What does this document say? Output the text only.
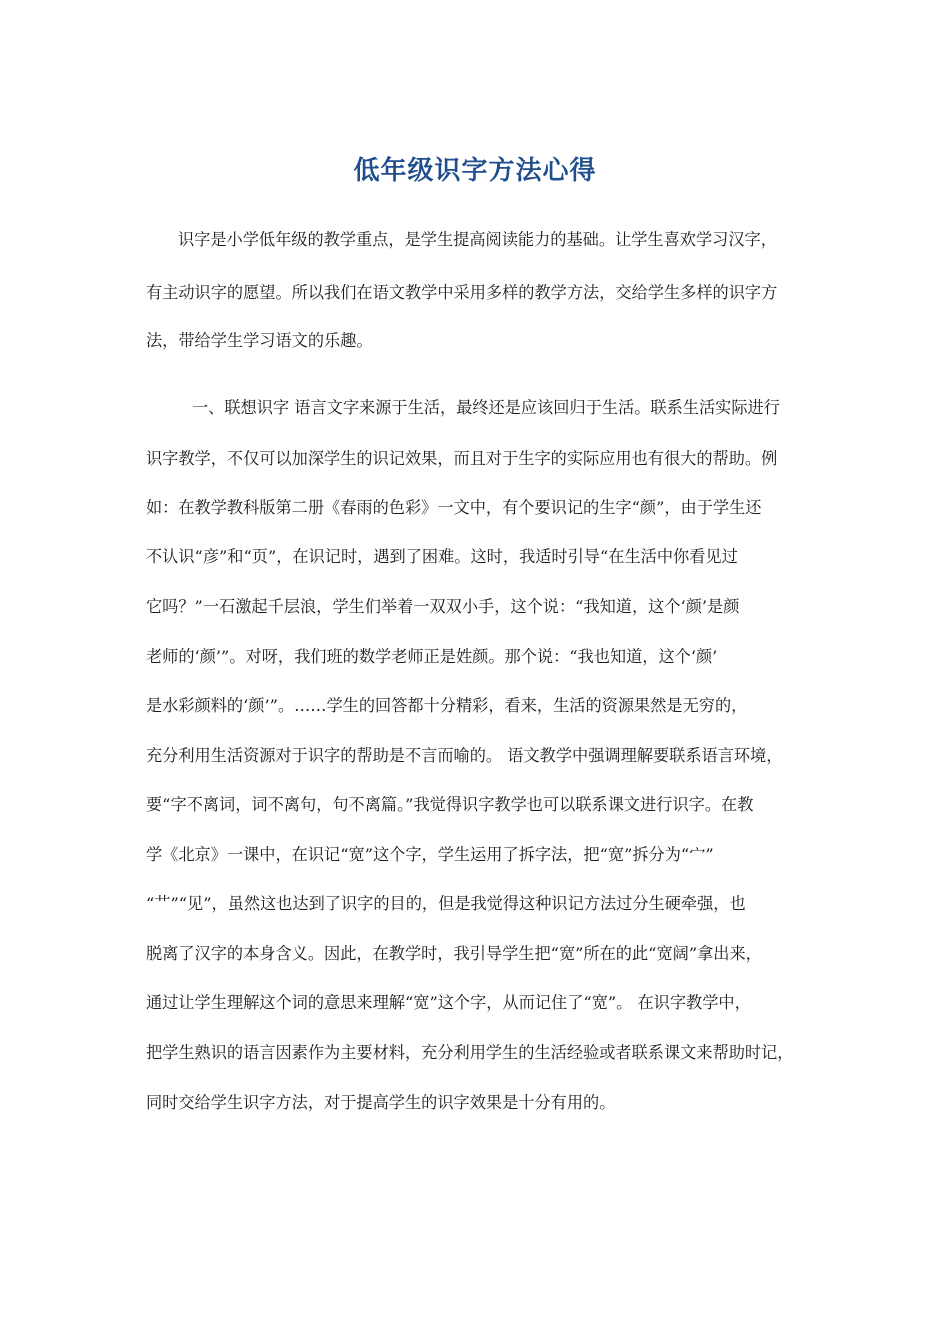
低年级识字方法心得

识字是小学低年级的教学重点，是学生提高阅读能力的基础。让学生喜欢学习汉字，

有主动识字的愿望。所以我们在语文教学中采用多样的教学方法，交给学生多样的识字方

法，带给学生学习语文的乐趣。

一、联想识字 语言文字来源于生活，最终还是应该回归于生活。联系生活实际进行

识字教学，不仅可以加深学生的识记效果，而且对于生字的实际应用也有很大的帮助。例

如：在教学教科版第二册《春雨的色彩》一文中，有个要识记的生字“颜”，由于学生还

不认识“彦”和“页”，在识记时，遇到了困难。这时，我适时引导“在生活中你看见过

它吗？”一石激起千层浪，学生们举着一双双小手，这个说：“我知道，这个‘颜’是颜

老师的‘颜’”。对呀，我们班的数学老师正是姓颜。那个说：“我也知道，这个‘颜’

是水彩颜料的‘颜’”。……学生的回答都十分精彩，看来，生活的资源果然是无穷的，

充分利用生活资源对于识字的帮助是不言而喻的。 语文教学中强调理解要联系语言环境，

要“字不离词，词不离句，句不离篇。”我觉得识字教学也可以联系课文进行识字。在教

学《北京》一课中，在识记“宽”这个字，学生运用了拆字法，把“宽”拆分为“宀”

“艹”“见”，虽然这也达到了识字的目的，但是我觉得这种识记方法过分生硬牵强，也

脱离了汉字的本身含义。因此，在教学时，我引导学生把“宽”所在的此“宽阔”拿出来，

通过让学生理解这个词的意思来理解“宽”这个字，从而记住了“宽”。 在识字教学中，

把学生熟识的语言因素作为主要材料，充分利用学生的生活经验或者联系课文来帮助时记，

同时交给学生识字方法，对于提高学生的识字效果是十分有用的。
